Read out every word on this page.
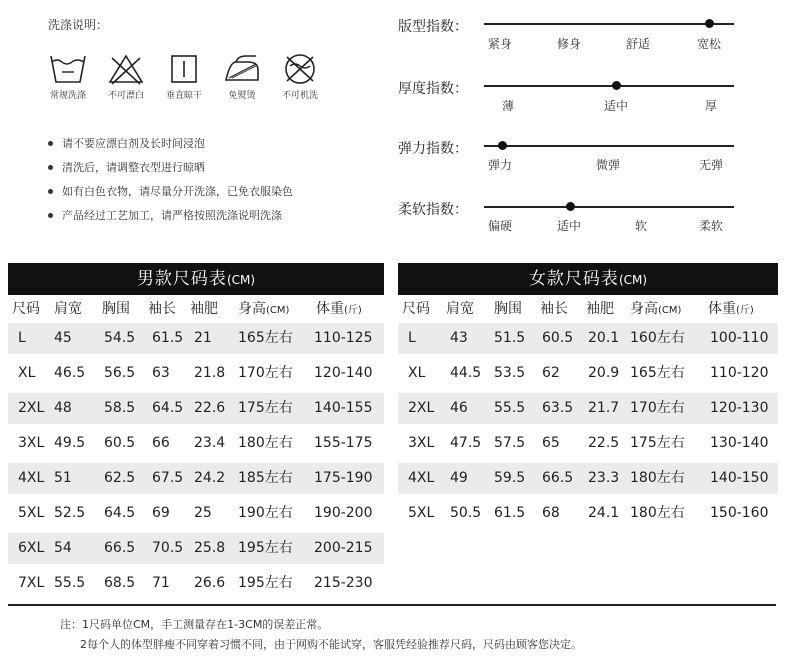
洗涤说明：
常规洗涤	不可漂白	垂直晾干	免熨烫	不可机洗
请不要应漂白剂及长时间浸泡
清洗后，请调整衣型进行晾晒
如有白色衣物，请尽量分开洗涤，已免衣服染色
产品经过工艺加工，请严格按照洗涤说明洗涤
版型指数：
紧身	修身	舒适	宽松
厚度指数：
薄	适中	厚
弹力指数：
弹力	微弹	无弹
柔软指数：
偏硬	适中	软	柔软
男款尺码表(CM)
尺码 肩宽 胸围 袖长 袖肥 身高(CM) 体重(斤)
L 45 54.5 61.5 21 165左右 110-125
XL 46.5 56.5 63 21.8 170左右 120-140
2XL 48 58.5 64.5 22.6 175左右 140-155
3XL 49.5 60.5 66 23.4 180左右 155-175
4XL 51 62.5 67.5 24.2 185左右 175-190
5XL 52.5 64.5 69 25 190左右 190-200
6XL 54 66.5 70.5 25.8 195左右 200-215
7XL 55.5 68.5 71 26.6 195左右 215-230
女款尺码表(CM)
尺码 肩宽 胸围 袖长 袖肥 身高(CM) 体重(斤)
L 43 51.5 60.5 20.1 160左右 100-110
XL 44.5 53.5 62 20.9 165左右 110-120
2XL 46 55.5 63.5 21.7 170左右 120-130
3XL 47.5 57.5 65 22.5 175左右 130-140
4XL 49 59.5 66.5 23.3 180左右 140-150
5XL 50.5 61.5 68 24.1 180左右 150-160
注：1尺码单位CM，手工测量存在1-3CM的误差正常。
2每个人的体型胖瘦不同穿着习惯不同，由于网购不能试穿，客服凭经验推荐尺码，尺码由顾客您决定。
